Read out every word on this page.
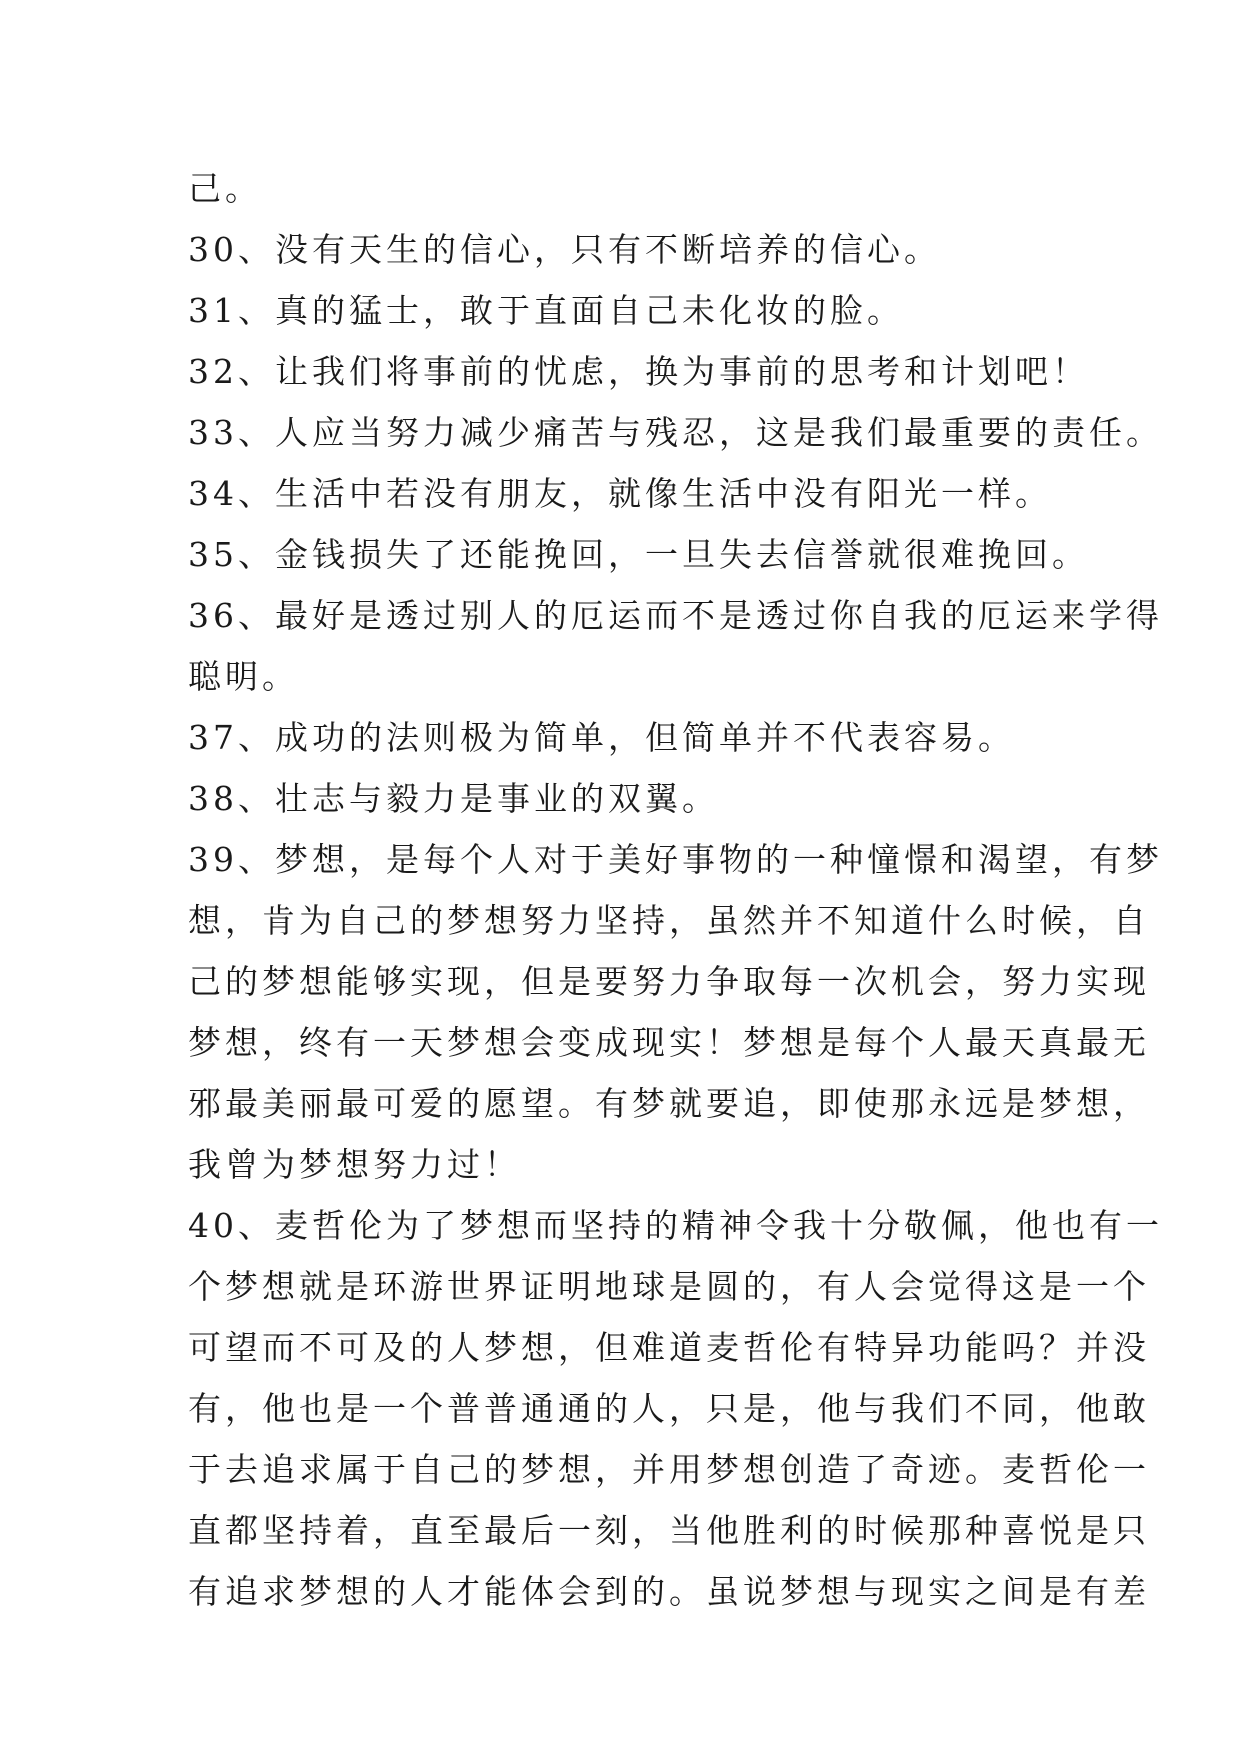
己。
30、没有天生的信心，只有不断培养的信心。
31、真的猛士，敢于直面自己未化妆的脸。
32、让我们将事前的忧虑，换为事前的思考和计划吧！
33、人应当努力减少痛苦与残忍，这是我们最重要的责任。
34、生活中若没有朋友，就像生活中没有阳光一样。
35、金钱损失了还能挽回，一旦失去信誉就很难挽回。
36、最好是透过别人的厄运而不是透过你自我的厄运来学得
聪明。
37、成功的法则极为简单，但简单并不代表容易。
38、壮志与毅力是事业的双翼。
39、梦想，是每个人对于美好事物的一种憧憬和渴望，有梦
想，肯为自己的梦想努力坚持，虽然并不知道什么时候，自
己的梦想能够实现，但是要努力争取每一次机会，努力实现
梦想，终有一天梦想会变成现实！梦想是每个人最天真最无
邪最美丽最可爱的愿望。有梦就要追，即使那永远是梦想，
我曾为梦想努力过！
40、麦哲伦为了梦想而坚持的精神令我十分敬佩，他也有一
个梦想就是环游世界证明地球是圆的，有人会觉得这是一个
可望而不可及的人梦想，但难道麦哲伦有特异功能吗？并没
有，他也是一个普普通通的人，只是，他与我们不同，他敢
于去追求属于自己的梦想，并用梦想创造了奇迹。麦哲伦一
直都坚持着，直至最后一刻，当他胜利的时候那种喜悦是只
有追求梦想的人才能体会到的。虽说梦想与现实之间是有差
